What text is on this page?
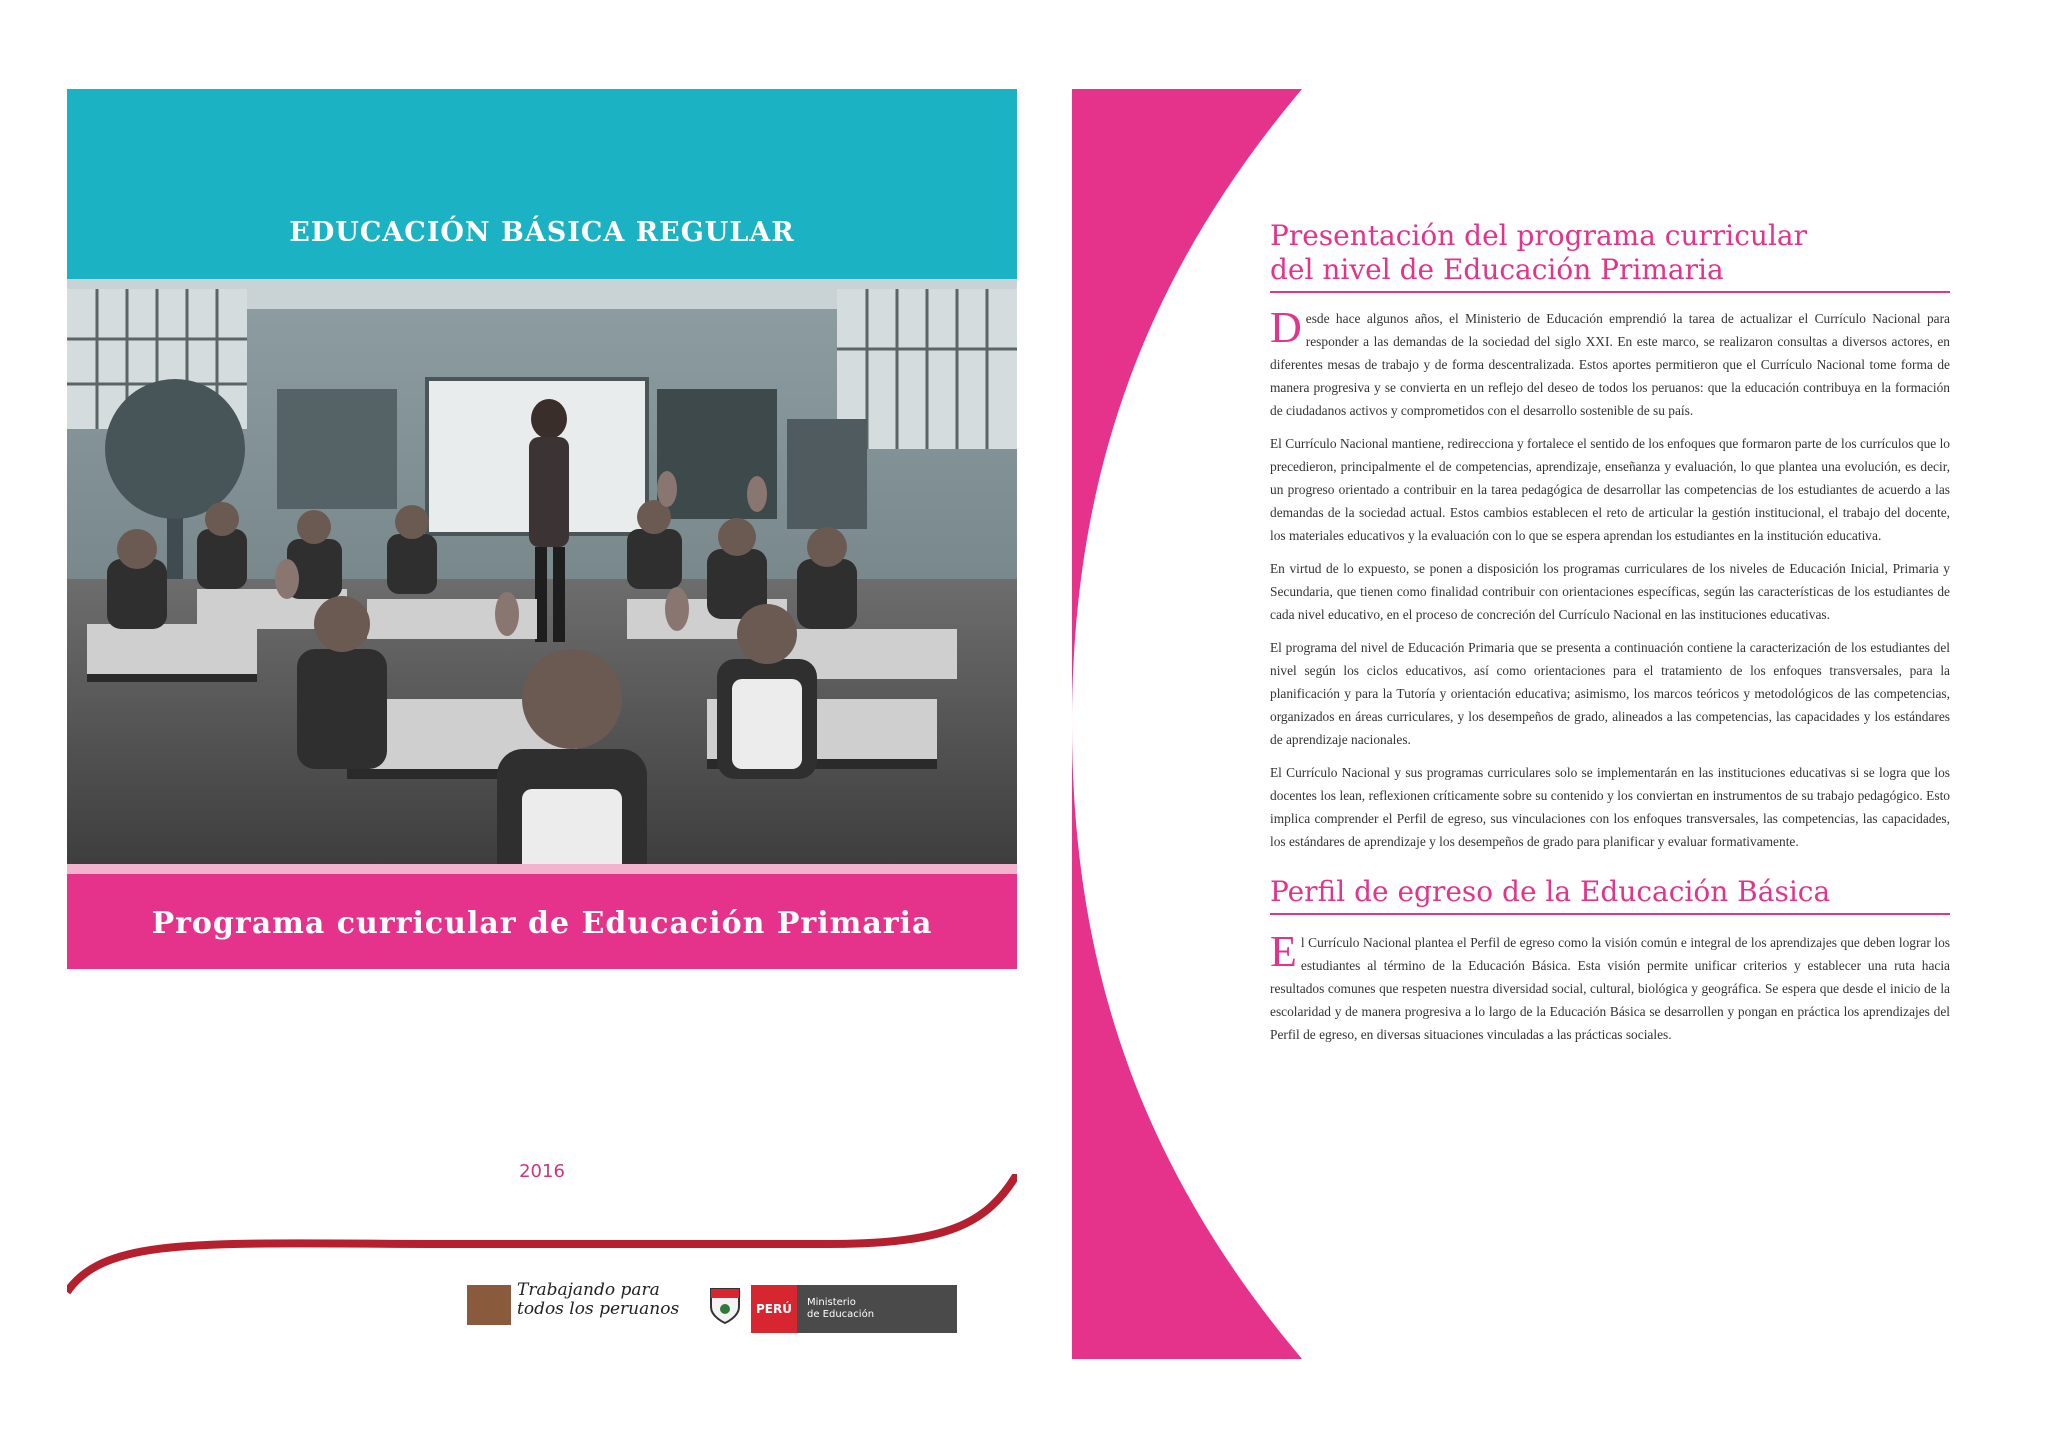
EDUCACIÓN BÁSICA REGULAR
Programa curricular de Educación Primaria
2016
Trabajando para
todos los peruanos	PERÚ	Ministerio
de Educación
Presentación del programa curricular
del nivel de Educación Primaria

Desde hace algunos años, el Ministerio de Educación emprendió la tarea de actualizar el Currículo Nacional para responder a las demandas de la sociedad del siglo XXI. En este marco, se realizaron consultas a diversos actores, en diferentes mesas de trabajo y de forma descentralizada. Estos aportes permitieron que el Currículo Nacional tome forma de manera progresiva y se convierta en un reflejo del deseo de todos los peruanos: que la educación contribuya en la formación de ciudadanos activos y comprometidos con el desarrollo sostenible de su país.

El Currículo Nacional mantiene, redirecciona y fortalece el sentido de los enfoques que formaron parte de los currículos que lo precedieron, principalmente el de competencias, aprendizaje, enseñanza y evaluación, lo que plantea una evolución, es decir, un progreso orientado a contribuir en la tarea pedagógica de desarrollar las competencias de los estudiantes de acuerdo a las demandas de la sociedad actual. Estos cambios establecen el reto de articular la gestión institucional, el trabajo del docente, los materiales educativos y la evaluación con lo que se espera aprendan los estudiantes en la institución educativa.

En virtud de lo expuesto, se ponen a disposición los programas curriculares de los niveles de Educación Inicial, Primaria y Secundaria, que tienen como finalidad contribuir con orientaciones específicas, según las características de los estudiantes de cada nivel educativo, en el proceso de concreción del Currículo Nacional en las instituciones educativas.

El programa del nivel de Educación Primaria que se presenta a continuación contiene la caracterización de los estudiantes del nivel según los ciclos educativos, así como orientaciones para el tratamiento de los enfoques transversales, para la planificación y para la Tutoría y orientación educativa; asimismo, los marcos teóricos y metodológicos de las competencias, organizados en áreas curriculares, y los desempeños de grado, alineados a las competencias, las capacidades y los estándares de aprendizaje nacionales.

El Currículo Nacional y sus programas curriculares solo se implementarán en las instituciones educativas si se logra que los docentes los lean, reflexionen críticamente sobre su contenido y los conviertan en instrumentos de su trabajo pedagógico. Esto implica comprender el Perfil de egreso, sus vinculaciones con los enfoques transversales, las competencias, las capacidades, los estándares de aprendizaje y los desempeños de grado para planificar y evaluar formativamente.

Perfil de egreso de la Educación Básica

El Currículo Nacional plantea el Perfil de egreso como la visión común e integral de los aprendizajes que deben lograr los estudiantes al término de la Educación Básica. Esta visión permite unificar criterios y establecer una ruta hacia resultados comunes que respeten nuestra diversidad social, cultural, biológica y geográfica. Se espera que desde el inicio de la escolaridad y de manera progresiva a lo largo de la Educación Básica se desarrollen y pongan en práctica los aprendizajes del Perfil de egreso, en diversas situaciones vinculadas a las prácticas sociales.
